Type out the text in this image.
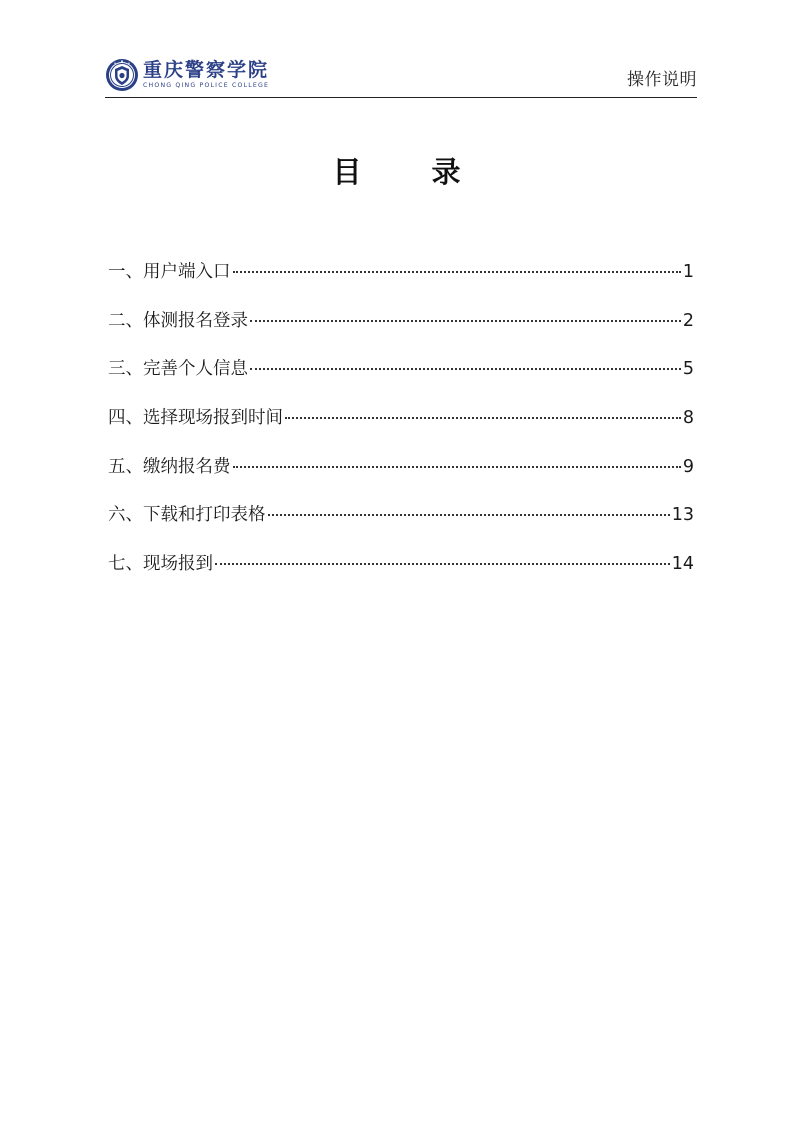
重庆警察学院
CHONG QING POLICE COLLEGE	操作说明
目 录
一、用户端入口	1
二、体测报名登录	2
三、完善个人信息	5
四、选择现场报到时间	8
五、缴纳报名费	9
六、下载和打印表格	13
七、现场报到	14
